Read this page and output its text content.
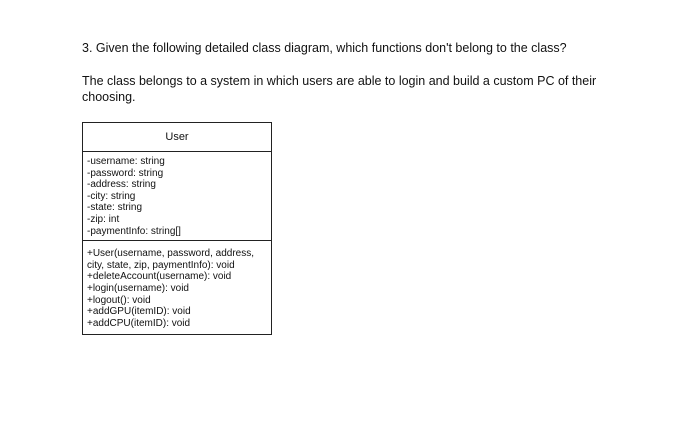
3. Given the following detailed class diagram, which functions don't belong to the class?

The class belongs to a system in which users are able to login and build a custom PC of their choosing.

User
-username: string
-password: string
-address: string
-city: string
-state: string
-zip: int
-paymentInfo: string[]
+User(username, password, address, city, state, zip, paymentInfo): void
+deleteAccount(username): void
+login(username): void
+logout(): void
+addGPU(itemID): void
+addCPU(itemID): void
